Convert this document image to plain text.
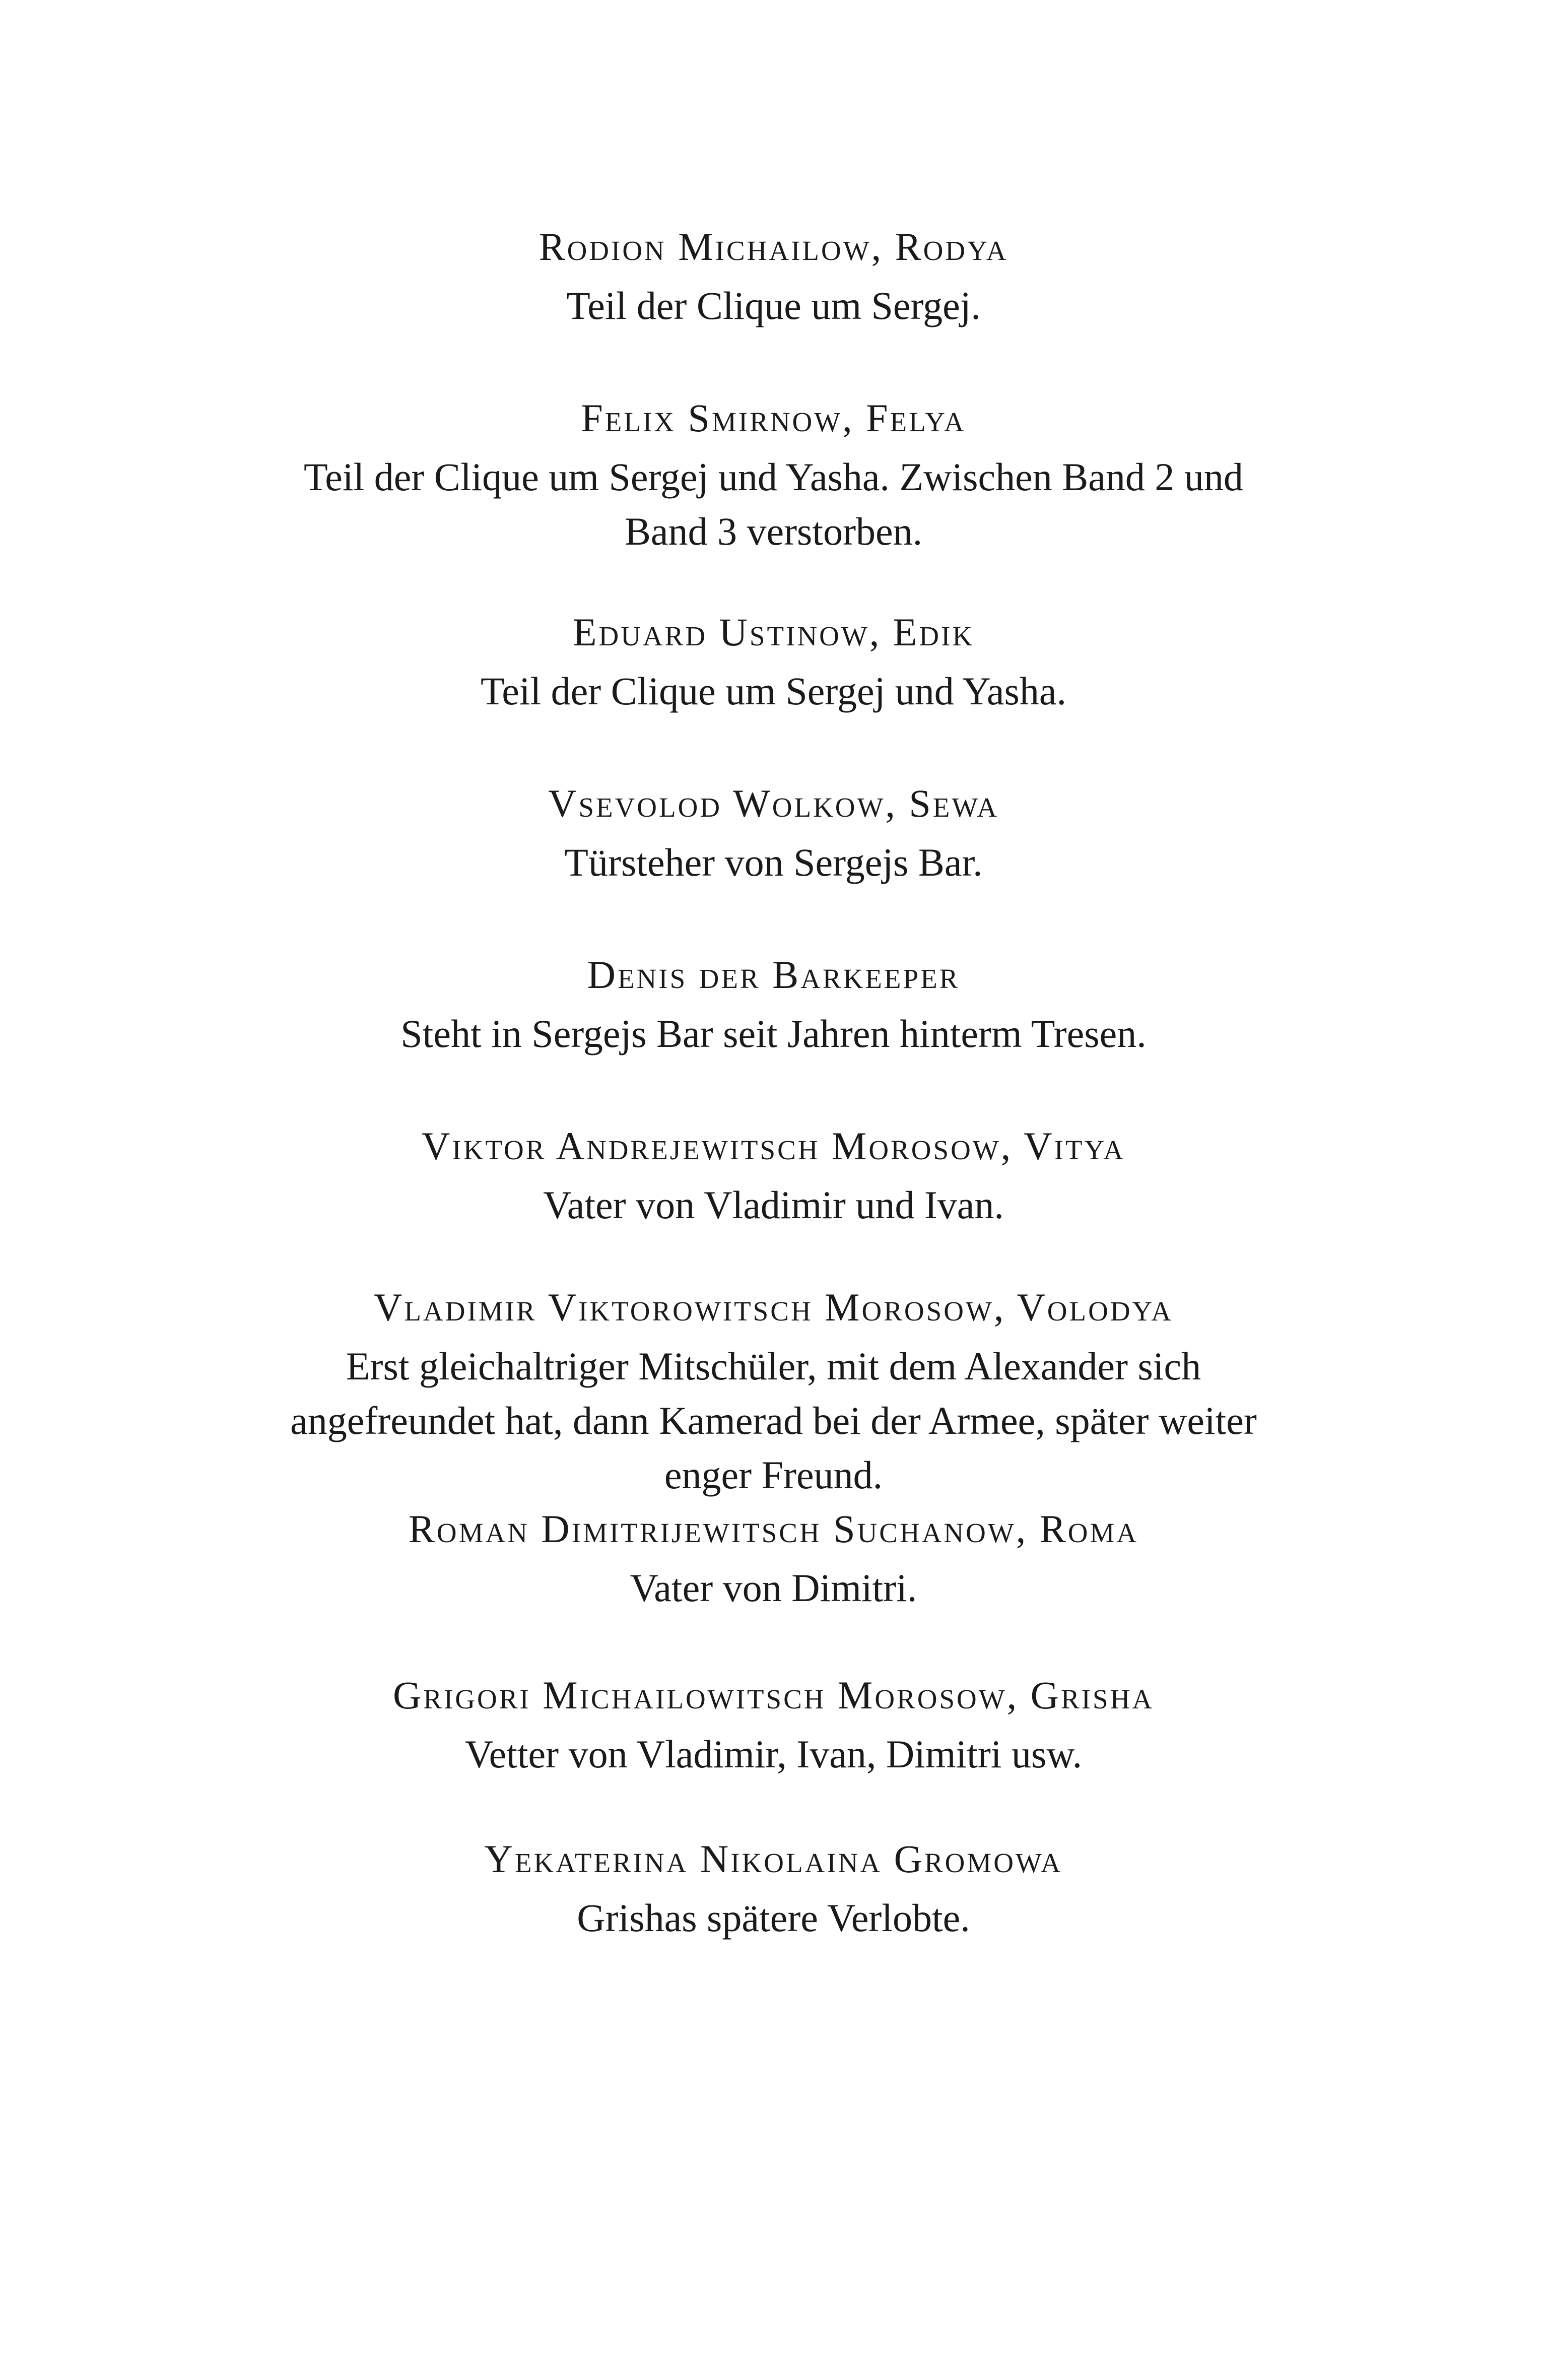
Rodion Michailow, Rodya

Teil der Clique um Sergej.

Felix Smirnow, Felya

Teil der Clique um Sergej und Yasha. Zwischen Band 2 und Band 3 verstorben.

Eduard Ustinow, Edik

Teil der Clique um Sergej und Yasha.

Vsevolod Wolkow, Sewa

Türsteher von Sergejs Bar.

Denis der Barkeeper

Steht in Sergejs Bar seit Jahren hinterm Tresen.

Viktor Andrejewitsch Morosow, Vitya

Vater von Vladimir und Ivan.

Vladimir Viktorowitsch Morosow, Volodya

Erst gleichaltriger Mitschüler, mit dem Alexander sich angefreundet hat, dann Kamerad bei der Armee, später weiter enger Freund.

Roman Dimitrijewitsch Suchanow, Roma

Vater von Dimitri.

Grigori Michailowitsch Morosow, Grisha

Vetter von Vladimir, Ivan, Dimitri usw.

Yekaterina Nikolaina Gromowa

Grishas spätere Verlobte.
